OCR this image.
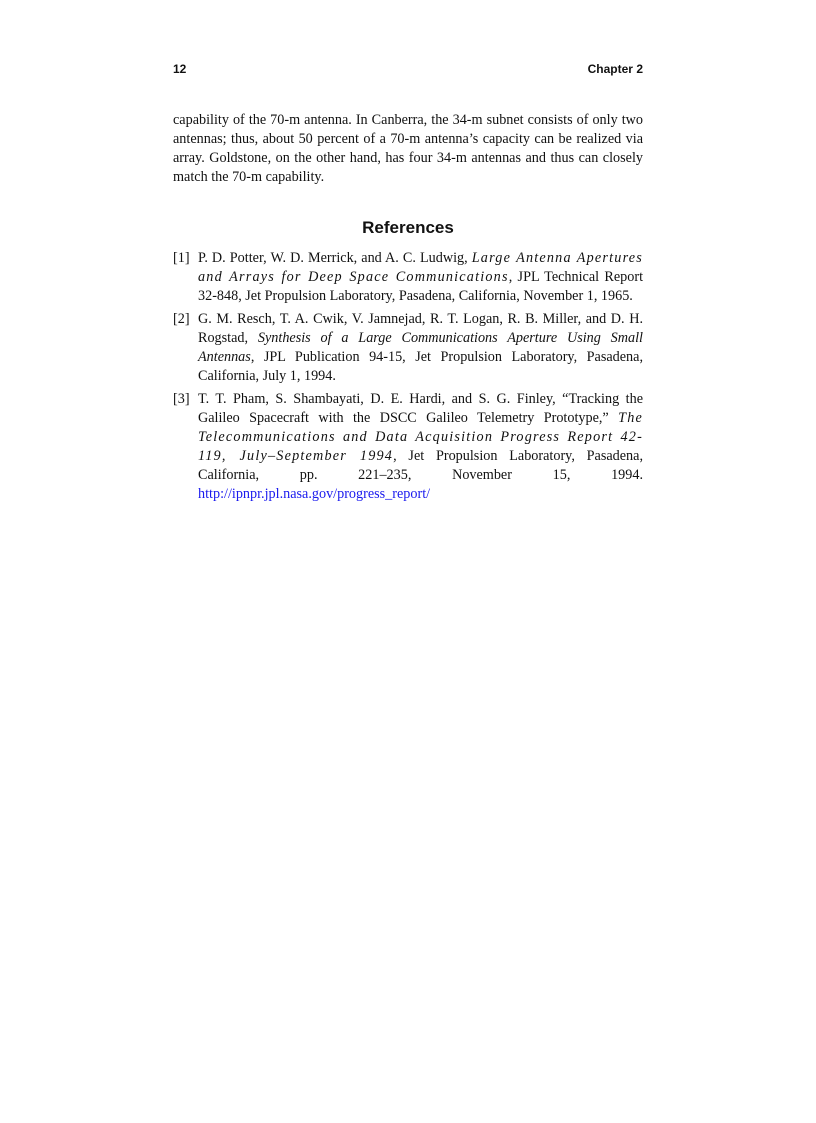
12	Chapter 2

capability of the 70-m antenna. In Canberra, the 34-m subnet consists of only two antennas; thus, about 50 percent of a 70-m antenna’s capacity can be realized via array. Goldstone, on the other hand, has four 34-m antennas and thus can closely match the 70-m capability.

References
[1] P. D. Potter, W. D. Merrick, and A. C. Ludwig, Large Antenna Apertures and Arrays for Deep Space Communications, JPL Technical Report 32-848, Jet Propulsion Laboratory, Pasadena, California, November 1, 1965.
[2] G. M. Resch, T. A. Cwik, V. Jamnejad, R. T. Logan, R. B. Miller, and D. H. Rogstad, Synthesis of a Large Communications Aperture Using Small Antennas, JPL Publication 94-15, Jet Propulsion Laboratory, Pasadena, California, July 1, 1994.
[3] T. T. Pham, S. Shambayati, D. E. Hardi, and S. G. Finley, “Tracking the Galileo Spacecraft with the DSCC Galileo Telemetry Prototype,” The Telecommunications and Data Acquisition Progress Report 42-119, July–September 1994, Jet Propulsion Laboratory, Pasadena, California, pp. 221–235, November 15, 1994. http://ipnpr.jpl.nasa.gov/progress_report/
